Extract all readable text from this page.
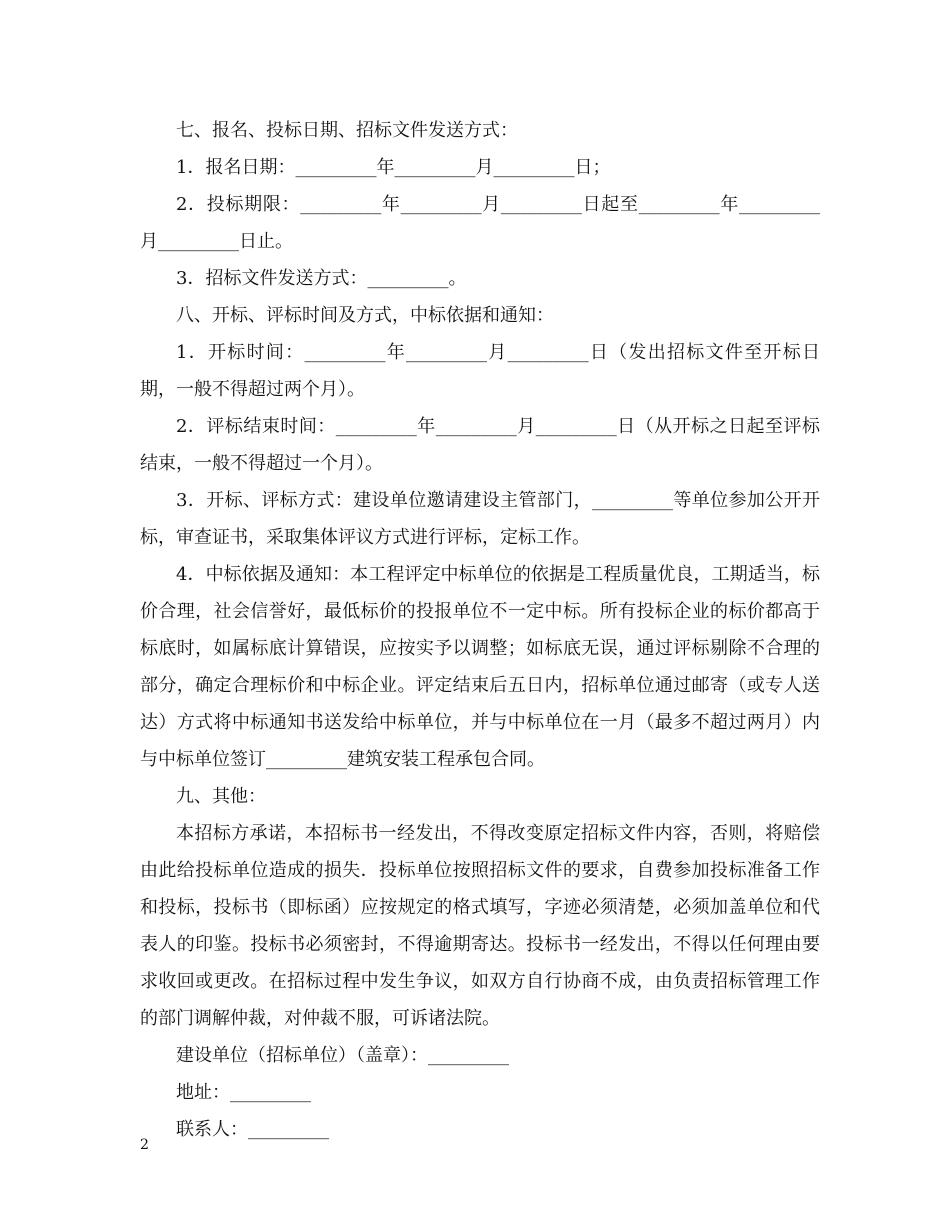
七、报名、投标日期、招标文件发送方式：

1．报名日期：_________年_________月_________日；

2．投标期限：_________年_________月_________日起至_________年_________月_________日止。

3．招标文件发送方式：_________。

八、开标、评标时间及方式，中标依据和通知：

1．开标时间：_________年_________月_________日（发出招标文件至开标日期，一般不得超过两个月）。

2．评标结束时间：_________年_________月_________日（从开标之日起至评标结束，一般不得超过一个月）。

3．开标、评标方式：建设单位邀请建设主管部门，_________等单位参加公开开标，审查证书，采取集体评议方式进行评标，定标工作。

4．中标依据及通知：本工程评定中标单位的依据是工程质量优良，工期适当，标价合理，社会信誉好，最低标价的投报单位不一定中标。所有投标企业的标价都高于标底时，如属标底计算错误，应按实予以调整；如标底无误，通过评标剔除不合理的部分，确定合理标价和中标企业。评定结束后五日内，招标单位通过邮寄（或专人送达）方式将中标通知书送发给中标单位，并与中标单位在一月（最多不超过两月）内与中标单位签订_________建筑安装工程承包合同。

九、其他：

本招标方承诺，本招标书一经发出，不得改变原定招标文件内容，否则，将赔偿由此给投标单位造成的损失．投标单位按照招标文件的要求，自费参加投标准备工作和投标，投标书（即标函）应按规定的格式填写，字迹必须清楚，必须加盖单位和代表人的印鉴。投标书必须密封，不得逾期寄达。投标书一经发出，不得以任何理由要求收回或更改。在招标过程中发生争议，如双方自行协商不成，由负责招标管理工作的部门调解仲裁，对仲裁不服，可诉诸法院。

建设单位（招标单位）（盖章）：_________

地址：_________

联系人：_________

2
